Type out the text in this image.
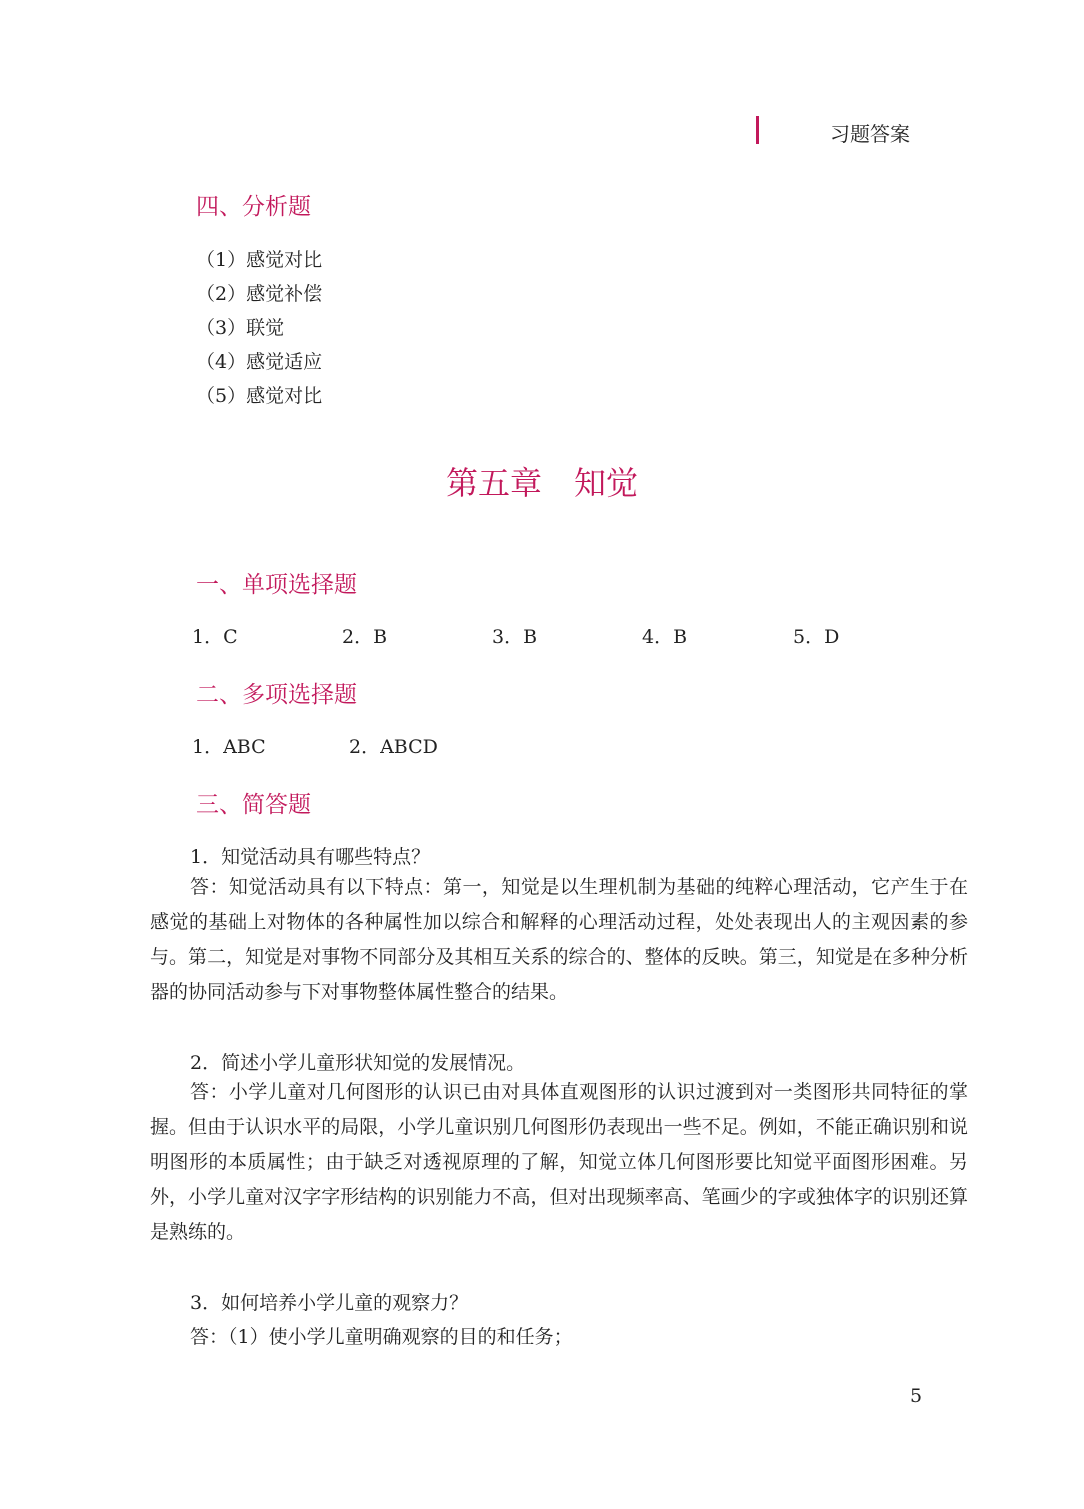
习题答案
四、分析题
（1）感觉对比
（2）感觉补偿
（3）联觉
（4）感觉适应
（5）感觉对比
第五章 知觉
一、单项选择题
1．C	2．B	3．B	4．B	5．D
二、多项选择题
1．ABC	2．ABCD
三、简答题
1．知觉活动具有哪些特点？

答：知觉活动具有以下特点：第一，知觉是以生理机制为基础的纯粹心理活动，它产生于在感觉的基础上对物体的各种属性加以综合和解释的心理活动过程，处处表现出人的主观因素的参与。第二，知觉是对事物不同部分及其相互关系的综合的、整体的反映。第三，知觉是在多种分析器的协同活动参与下对事物整体属性整合的结果。

2．简述小学儿童形状知觉的发展情况。

答：小学儿童对几何图形的认识已由对具体直观图形的认识过渡到对一类图形共同特征的掌握。但由于认识水平的局限，小学儿童识别几何图形仍表现出一些不足。例如，不能正确识别和说明图形的本质属性；由于缺乏对透视原理的了解，知觉立体几何图形要比知觉平面图形困难。另外，小学儿童对汉字字形结构的识别能力不高，但对出现频率高、笔画少的字或独体字的识别还算是熟练的。

3．如何培养小学儿童的观察力？
答：（1）使小学儿童明确观察的目的和任务；
5
